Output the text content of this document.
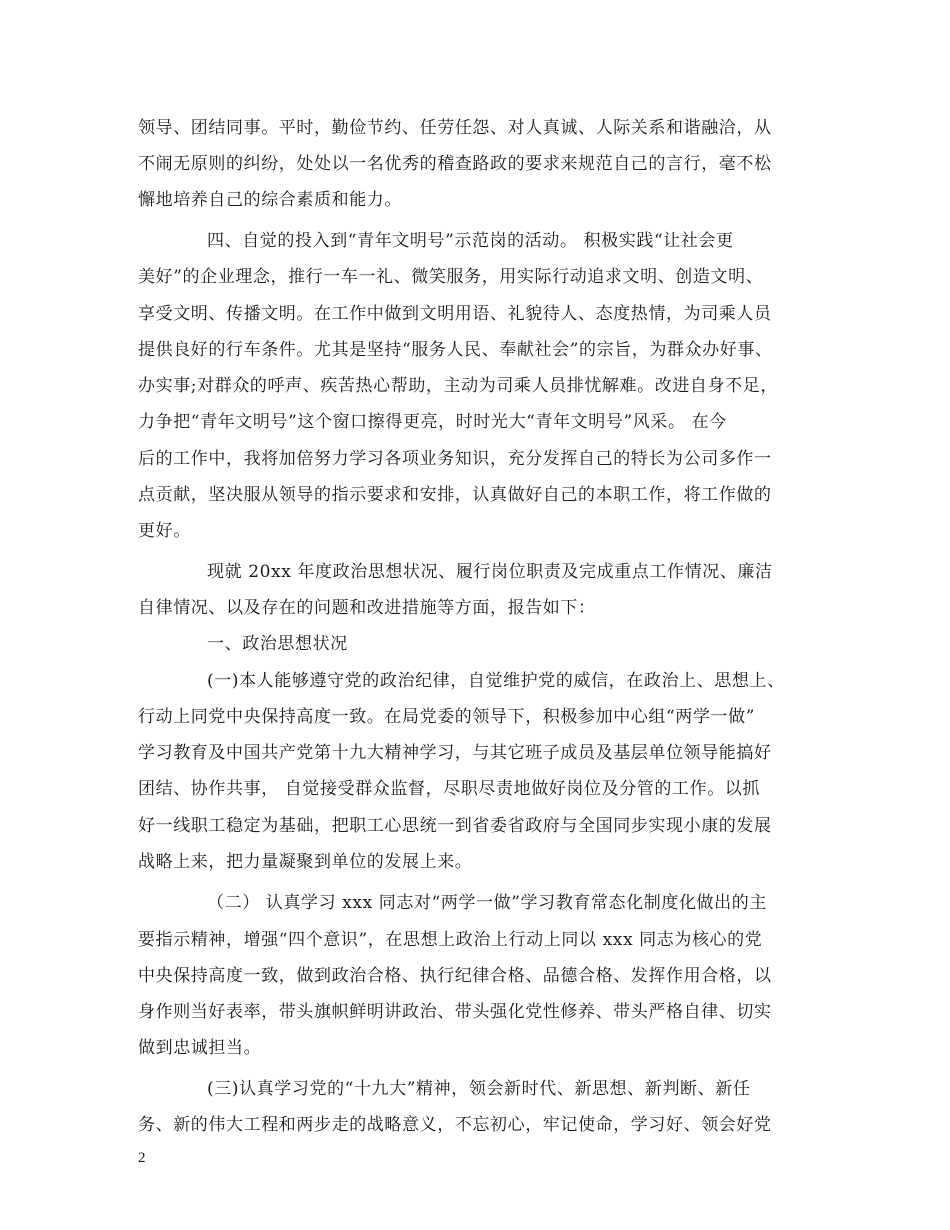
领导、团结同事。平时，勤俭节约、任劳任怨、对人真诚、人际关系和谐融洽，从
不闹无原则的纠纷，处处以一名优秀的稽查路政的要求来规范自己的言行，毫不松
懈地培养自己的综合素质和能力。
四、自觉的投入到“青年文明号”示范岗的活动。 积极实践“让社会更
美好”的企业理念，推行一车一礼、微笑服务，用实际行动追求文明、创造文明、
享受文明、传播文明。在工作中做到文明用语、礼貌待人、态度热情，为司乘人员
提供良好的行车条件。尤其是坚持“服务人民、奉献社会”的宗旨，为群众办好事、
办实事;对群众的呼声、疾苦热心帮助，主动为司乘人员排忧解难。改进自身不足，
力争把“青年文明号”这个窗口擦得更亮，时时光大“青年文明号”风采。 在今
后的工作中，我将加倍努力学习各项业务知识，充分发挥自己的特长为公司多作一
点贡献，坚决服从领导的指示要求和安排，认真做好自己的本职工作，将工作做的
更好。
现就 20xx 年度政治思想状况、履行岗位职责及完成重点工作情况、廉洁
自律情况、以及存在的问题和改进措施等方面，报告如下：
一、政治思想状况
(一)本人能够遵守党的政治纪律，自觉维护党的威信，在政治上、思想上、
行动上同党中央保持高度一致。在局党委的领导下，积极参加中心组“两学一做”
学习教育及中国共产党第十九大精神学习，与其它班子成员及基层单位领导能搞好
团结、协作共事， 自觉接受群众监督，尽职尽责地做好岗位及分管的工作。以抓
好一线职工稳定为基础，把职工心思统一到省委省政府与全国同步实现小康的发展
战略上来，把力量凝聚到单位的发展上来。
（二） 认真学习 xxx 同志对“两学一做”学习教育常态化制度化做出的主
要指示精神，增强“四个意识”，在思想上政治上行动上同以 xxx 同志为核心的党
中央保持高度一致，做到政治合格、执行纪律合格、品德合格、发挥作用合格，以
身作则当好表率，带头旗帜鲜明讲政治、带头强化党性修养、带头严格自律、切实
做到忠诚担当。
(三)认真学习党的“十九大”精神，领会新时代、新思想、新判断、新任
务、新的伟大工程和两步走的战略意义，不忘初心，牢记使命，学习好、领会好党
2
